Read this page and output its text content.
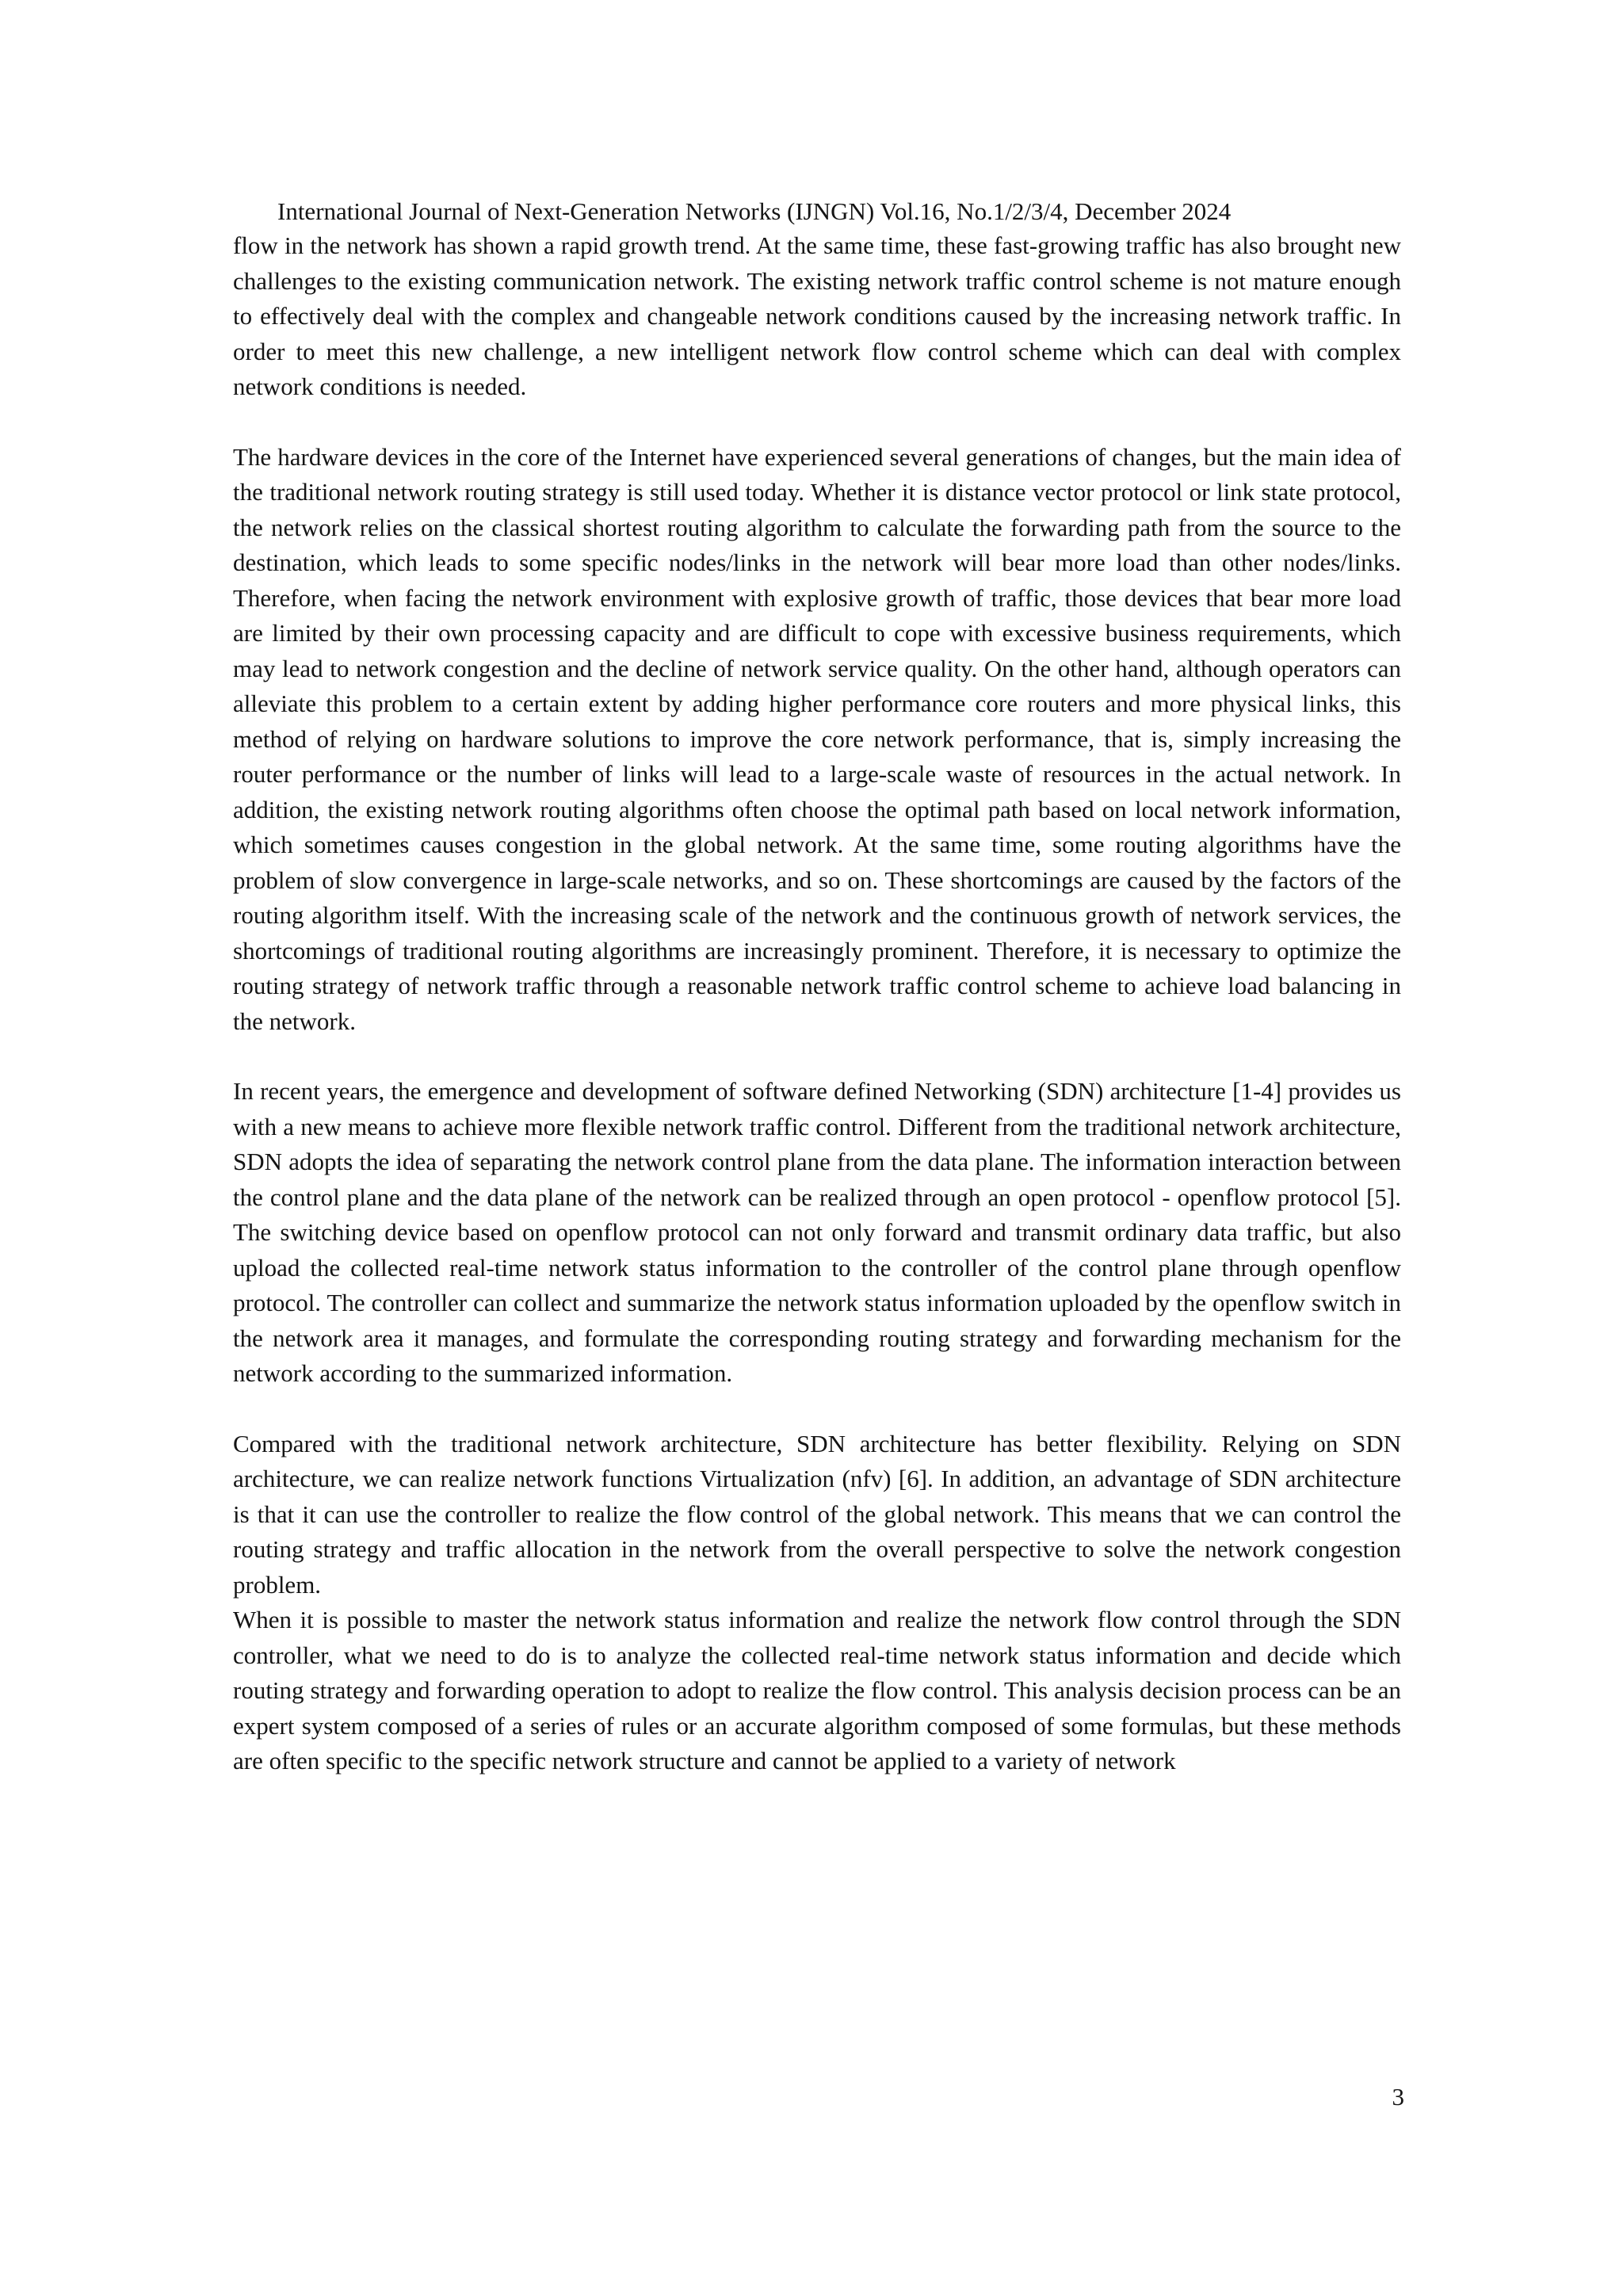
International Journal of Next-Generation Networks (IJNGN) Vol.16, No.1/2/3/4, December 2024

flow in the network has shown a rapid growth trend. At the same time, these fast-growing traffic has also brought new challenges to the existing communication network. The existing network traffic control scheme is not mature enough to effectively deal with the complex and changeable network conditions caused by the increasing network traffic. In order to meet this new challenge, a new intelligent network flow control scheme which can deal with complex network conditions is needed.

The hardware devices in the core of the Internet have experienced several generations of changes, but the main idea of the traditional network routing strategy is still used today. Whether it is distance vector protocol or link state protocol, the network relies on the classical shortest routing algorithm to calculate the forwarding path from the source to the destination, which leads to some specific nodes/links in the network will bear more load than other nodes/links. Therefore, when facing the network environment with explosive growth of traffic, those devices that bear more load are limited by their own processing capacity and are difficult to cope with excessive business requirements, which may lead to network congestion and the decline of network service quality. On the other hand, although operators can alleviate this problem to a certain extent by adding higher performance core routers and more physical links, this method of relying on hardware solutions to improve the core network performance, that is, simply increasing the router performance or the number of links will lead to a large-scale waste of resources in the actual network. In addition, the existing network routing algorithms often choose the optimal path based on local network information, which sometimes causes congestion in the global network. At the same time, some routing algorithms have the problem of slow convergence in large-scale networks, and so on. These shortcomings are caused by the factors of the routing algorithm itself. With the increasing scale of the network and the continuous growth of network services, the shortcomings of traditional routing algorithms are increasingly prominent. Therefore, it is necessary to optimize the routing strategy of network traffic through a reasonable network traffic control scheme to achieve load balancing in the network.

In recent years, the emergence and development of software defined Networking (SDN) architecture [1-4] provides us with a new means to achieve more flexible network traffic control. Different from the traditional network architecture, SDN adopts the idea of separating the network control plane from the data plane. The information interaction between the control plane and the data plane of the network can be realized through an open protocol - openflow protocol [5]. The switching device based on openflow protocol can not only forward and transmit ordinary data traffic, but also upload the collected real-time network status information to the controller of the control plane through openflow protocol. The controller can collect and summarize the network status information uploaded by the openflow switch in the network area it manages, and formulate the corresponding routing strategy and forwarding mechanism for the network according to the summarized information.

Compared with the traditional network architecture, SDN architecture has better flexibility. Relying on SDN architecture, we can realize network functions Virtualization (nfv) [6]. In addition, an advantage of SDN architecture is that it can use the controller to realize the flow control of the global network. This means that we can control the routing strategy and traffic allocation in the network from the overall perspective to solve the network congestion problem.

When it is possible to master the network status information and realize the network flow control through the SDN controller, what we need to do is to analyze the collected real-time network status information and decide which routing strategy and forwarding operation to adopt to realize the flow control. This analysis decision process can be an expert system composed of a series of rules or an accurate algorithm composed of some formulas, but these methods are often specific to the specific network structure and cannot be applied to a variety of network

3
